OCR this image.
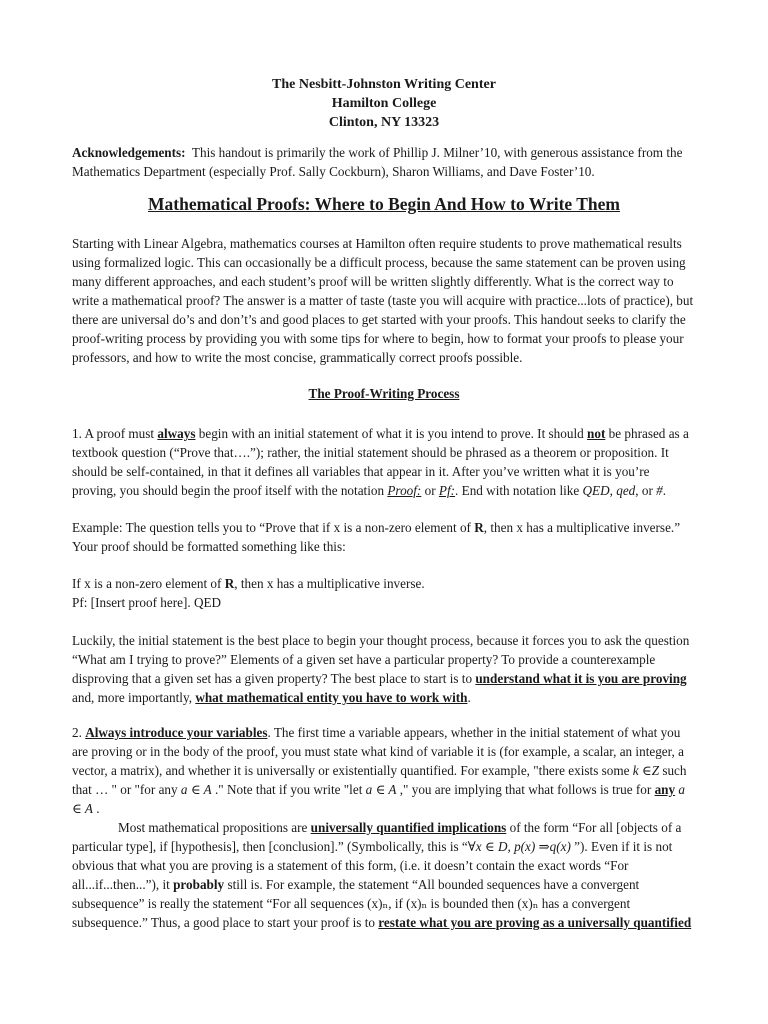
The Nesbitt-Johnston Writing Center
Hamilton College
Clinton, NY 13323

Acknowledgements: This handout is primarily the work of Phillip J. Milner’10, with generous assistance from the Mathematics Department (especially Prof. Sally Cockburn), Sharon Williams, and Dave Foster’10.

Mathematical Proofs: Where to Begin And How to Write Them

Starting with Linear Algebra, mathematics courses at Hamilton often require students to prove mathematical results using formalized logic. This can occasionally be a difficult process, because the same statement can be proven using many different approaches, and each student’s proof will be written slightly differently. What is the correct way to write a mathematical proof? The answer is a matter of taste (taste you will acquire with practice...lots of practice), but there are universal do’s and don’t’s and good places to get started with your proofs. This handout seeks to clarify the proof-writing process by providing you with some tips for where to begin, how to format your proofs to please your professors, and how to write the most concise, grammatically correct proofs possible.

The Proof-Writing Process

1. A proof must always begin with an initial statement of what it is you intend to prove. It should not be phrased as a textbook question (“Prove that….”); rather, the initial statement should be phrased as a theorem or proposition. It should be self-contained, in that it defines all variables that appear in it. After you’ve written what it is you’re proving, you should begin the proof itself with the notation Proof: or Pf:. End with notation like QED, qed, or #.

Example: The question tells you to “Prove that if x is a non-zero element of R, then x has a multiplicative inverse.” Your proof should be formatted something like this:

If x is a non-zero element of R, then x has a multiplicative inverse.

Pf: [Insert proof here]. QED

Luckily, the initial statement is the best place to begin your thought process, because it forces you to ask the question “What am I trying to prove?” Elements of a given set have a particular property? To provide a counterexample disproving that a given set has a given property? The best place to start is to understand what it is you are proving and, more importantly, what mathematical entity you have to work with.

2. Always introduce your variables. The first time a variable appears, whether in the initial statement of what you are proving or in the body of the proof, you must state what kind of variable it is (for example, a scalar, an integer, a vector, a matrix), and whether it is universally or existentially quantified. For example, "there exists some k ∈Z such that … " or "for any a ∈ A ." Note that if you write "let a ∈ A ," you are implying that what follows is true for any a ∈ A .

Most mathematical propositions are universally quantified implications of the form “For all [objects of a particular type], if [hypothesis], then [conclusion].” (Symbolically, this is “∀x ∈ D, p(x) ⇒q(x) ”). Even if it is not obvious that what you are proving is a statement of this form, (i.e. it doesn’t contain the exact words “For all...if...then...”), it probably still is. For example, the statement “All bounded sequences have a convergent subsequence” is really the statement “For all sequences (x)ₙ, if (x)ₙ is bounded then (x)ₙ has a convergent subsequence.” Thus, a good place to start your proof is to restate what you are proving as a universally quantified
